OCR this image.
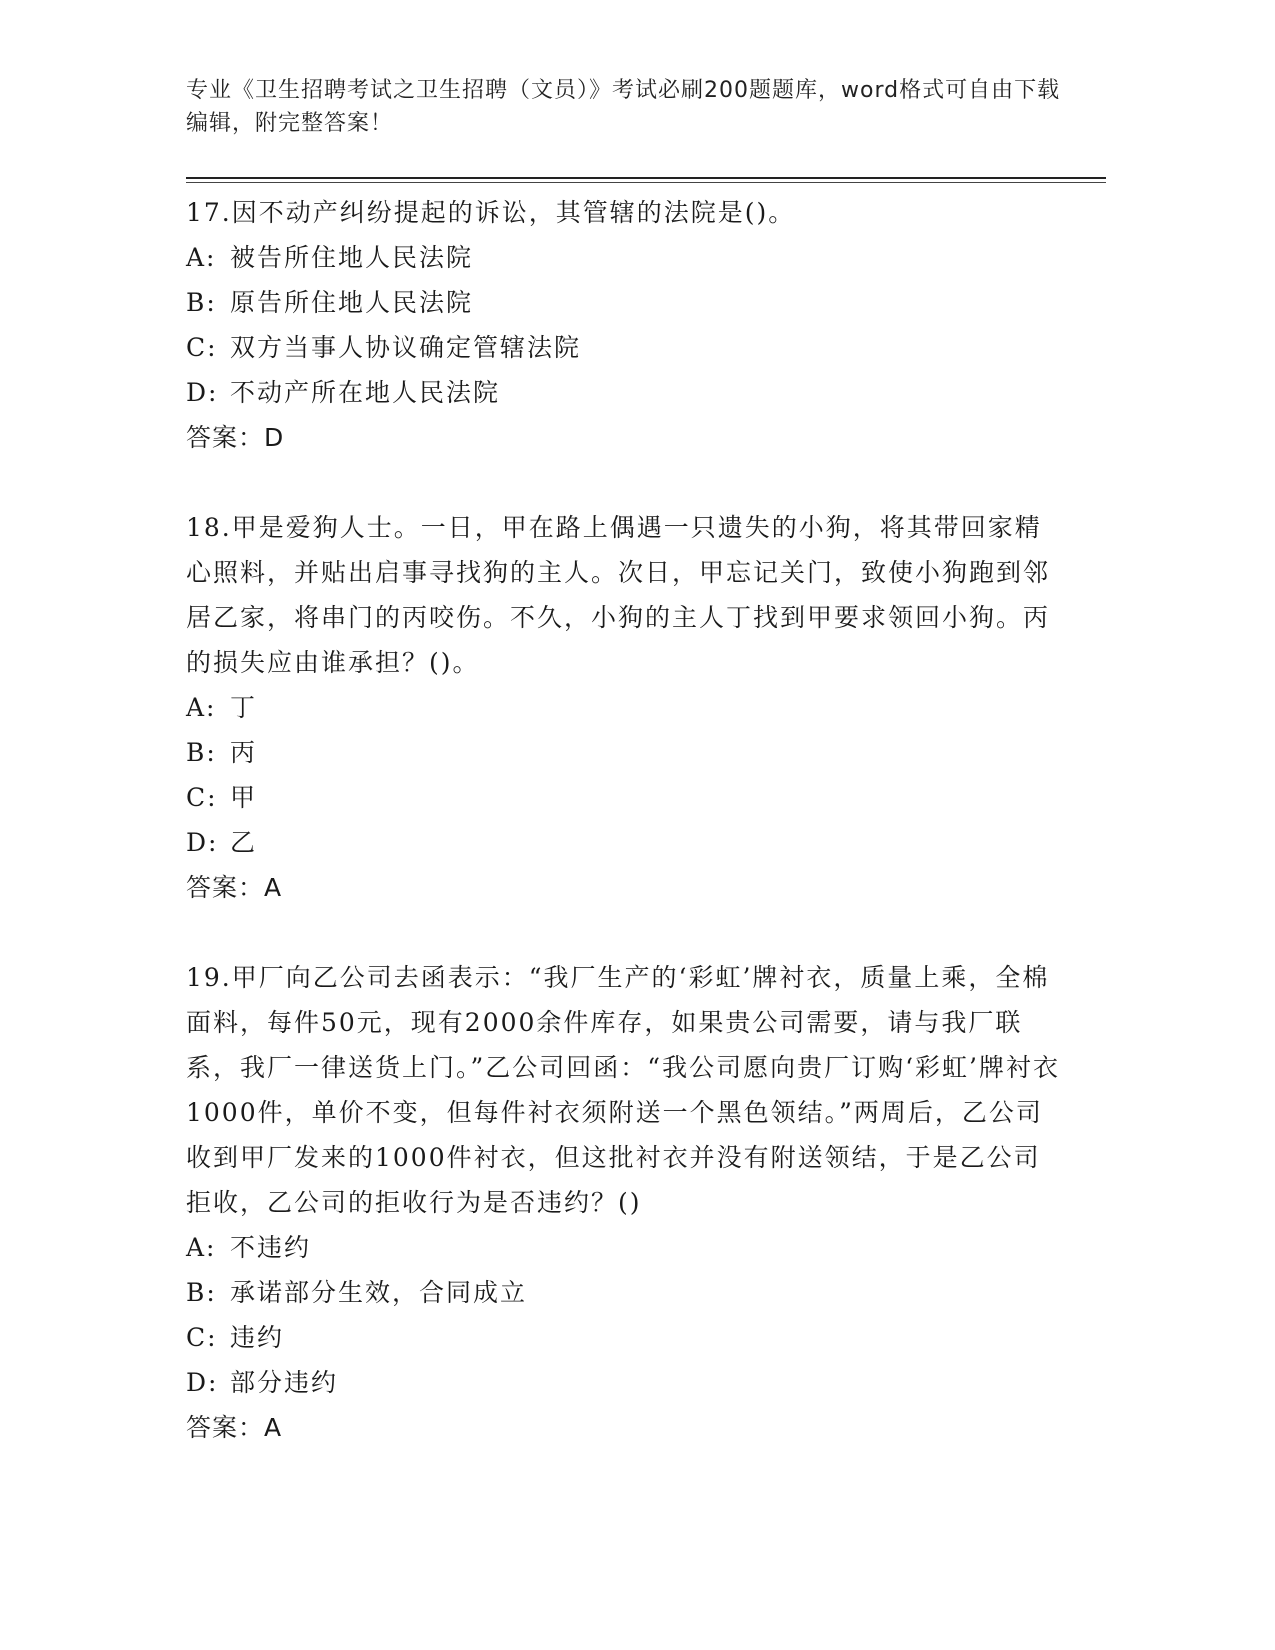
专业《卫生招聘考试之卫生招聘（文员）》考试必刷200题题库，word格式可自由下载编辑，附完整答案！

17.因不动产纠纷提起的诉讼，其管辖的法院是()。

A: 被告所住地人民法院

B: 原告所住地人民法院

C: 双方当事人协议确定管辖法院

D: 不动产所在地人民法院

答案：D

18.甲是爱狗人士。一日，甲在路上偶遇一只遗失的小狗，将其带回家精心照料，并贴出启事寻找狗的主人。次日，甲忘记关门，致使小狗跑到邻居乙家，将串门的丙咬伤。不久，小狗的主人丁找到甲要求领回小狗。丙的损失应由谁承担？()。

A: 丁

B: 丙

C: 甲

D: 乙

答案：A

19.甲厂向乙公司去函表示：“我厂生产的‘彩虹’牌衬衣，质量上乘，全棉面料，每件50元，现有2000余件库存，如果贵公司需要，请与我厂联系，我厂一律送货上门。”乙公司回函：“我公司愿向贵厂订购‘彩虹’牌衬衣1000件，单价不变，但每件衬衣须附送一个黑色领结。”两周后，乙公司收到甲厂发来的1000件衬衣，但这批衬衣并没有附送领结，于是乙公司拒收，乙公司的拒收行为是否违约？()

A: 不违约

B: 承诺部分生效，合同成立

C: 违约

D: 部分违约

答案：A
